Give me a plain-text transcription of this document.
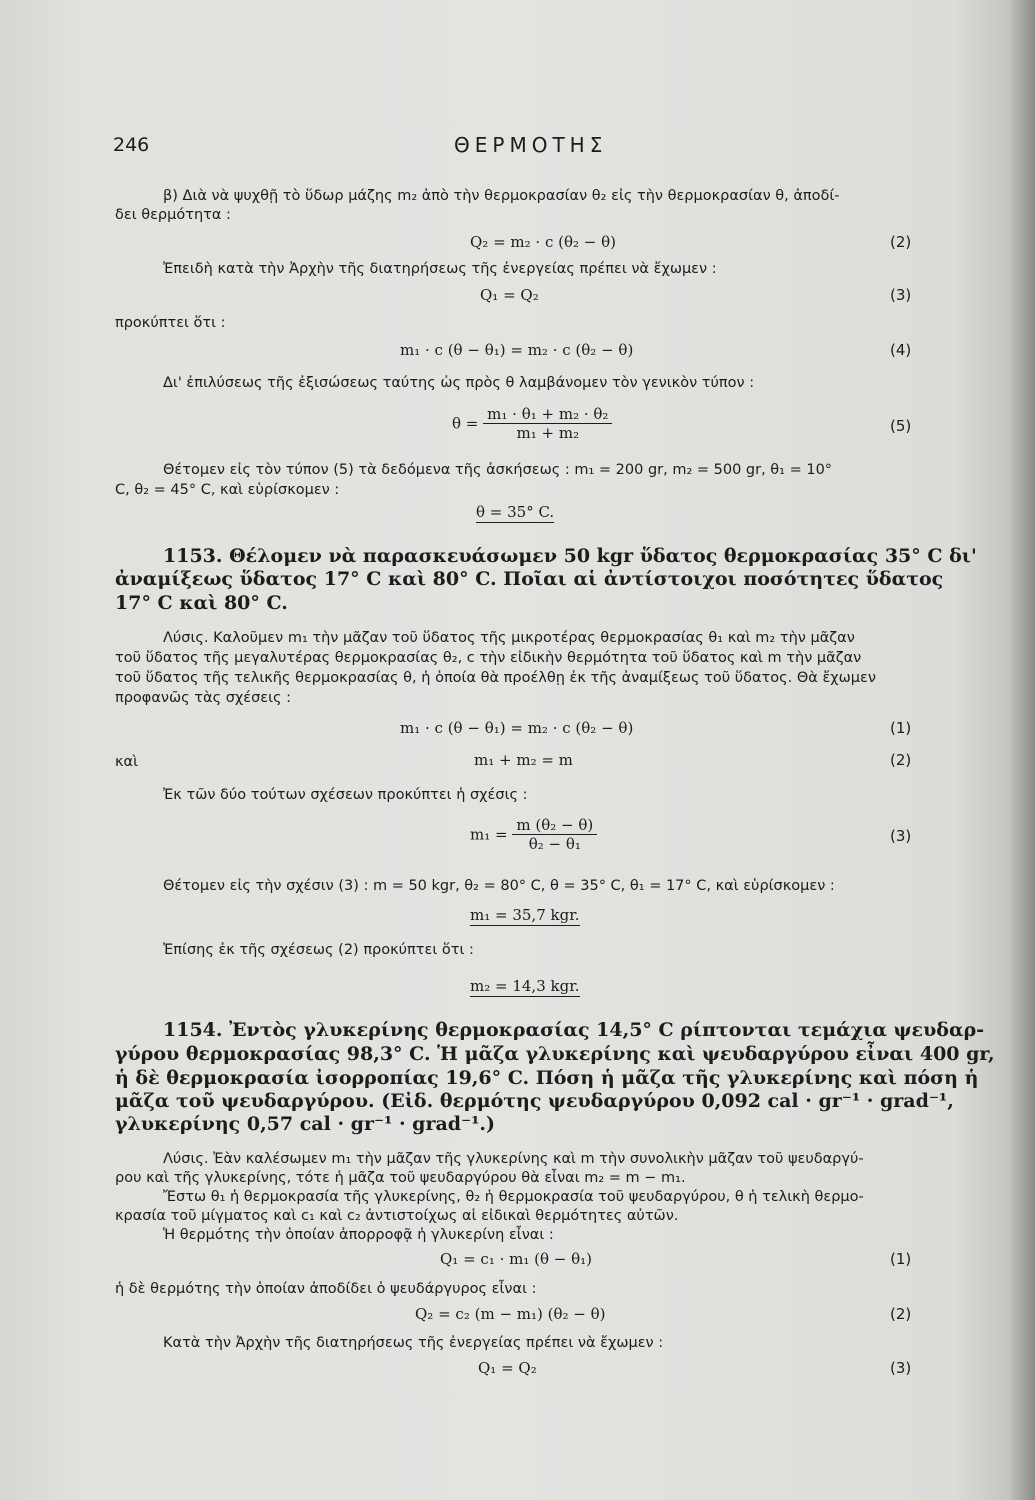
246	ΘΕΡΜΟΤΗΣ
β) Διὰ νὰ ψυχθῇ τὸ ὕδωρ μάζης m₂ ἀπὸ τὴν θερμοκρασίαν θ₂ εἰς τὴν θερμοκρασίαν θ, ἀποδί-
δει θερμότητα :
Q₂ = m₂ · c (θ₂ − θ)	(2)
Ἐπειδὴ κατὰ τὴν Ἀρχὴν τῆς διατηρήσεως τῆς ἐνεργείας πρέπει νὰ ἔχωμεν :
Q₁ = Q₂	(3)
προκύπτει ὅτι :
m₁ · c (θ − θ₁) = m₂ · c (θ₂ − θ)	(4)
Δι' ἐπιλύσεως τῆς ἐξισώσεως ταύτης ὡς πρὸς θ λαμβάνομεν τὸν γενικὸν τύπον :
$\theta = \frac{\text{m₁ · θ₁ + m₂ · θ₂}}{\text{m₁ + m₂}}$	(5)
Θέτομεν εἰς τὸν τύπον (5) τὰ δεδόμενα τῆς ἀσκήσεως : m₁ = 200 gr, m₂ = 500 gr, θ₁ = 10°
C, θ₂ = 45° C, καὶ εὑρίσκομεν :
θ = 35° C.
1153. Θέλομεν νὰ παρασκευάσωμεν 50 kgr ὕδατος θερμοκρασίας 35° C δι'
ἀναμίξεως ὕδατος 17° C καὶ 80° C. Ποῖαι αἱ ἀντίστοιχοι ποσότητες ὕδατος
17° C καὶ 80° C.
Λύσις. Καλοῦμεν m₁ τὴν μᾶζαν τοῦ ὕδατος τῆς μικροτέρας θερμοκρασίας θ₁ καὶ m₂ τὴν μᾶζαν
τοῦ ὕδατος τῆς μεγαλυτέρας θερμοκρασίας θ₂, c τὴν εἰδικὴν θερμότητα τοῦ ὕδατος καὶ m τὴν μᾶζαν
τοῦ ὕδατος τῆς τελικῆς θερμοκρασίας θ, ἡ ὁποία θὰ προέλθῃ ἐκ τῆς ἀναμίξεως τοῦ ὕδατος. Θὰ ἔχωμεν
προφανῶς τὰς σχέσεις :
m₁ · c (θ − θ₁) = m₂ · c (θ₂ − θ)	(1)
καὶ	m₁ + m₂ = m	(2)
Ἐκ τῶν δύο τούτων σχέσεων προκύπτει ἡ σχέσις :
$m_1 = \frac{\text{m (θ₂ − θ)}}{\text{θ₂ − θ₁}}$	(3)
Θέτομεν εἰς τὴν σχέσιν (3) : m = 50 kgr, θ₂ = 80° C, θ = 35° C, θ₁ = 17° C, καὶ εὑρίσκομεν :
m₁ = 35,7 kgr.
Ἐπίσης ἐκ τῆς σχέσεως (2) προκύπτει ὅτι :
m₂ = 14,3 kgr.
1154. Ἐντὸς γλυκερίνης θερμοκρασίας 14,5° C ρίπτονται τεμάχια ψευδαρ-
γύρου θερμοκρασίας 98,3° C. Ἡ μᾶζα γλυκερίνης καὶ ψευδαργύρου εἶναι 400 gr,
ἡ δὲ θερμοκρασία ἰσορροπίας 19,6° C. Πόση ἡ μᾶζα τῆς γλυκερίνης καὶ πόση ἡ
μᾶζα τοῦ ψευδαργύρου. (Εἰδ. θερμότης ψευδαργύρου 0,092 cal · gr⁻¹ · grad⁻¹,
γλυκερίνης 0,57 cal · gr⁻¹ · grad⁻¹.)
Λύσις. Ἐὰν καλέσωμεν m₁ τὴν μᾶζαν τῆς γλυκερίνης καὶ m τὴν συνολικὴν μᾶζαν τοῦ ψευδαργύ-
ρου καὶ τῆς γλυκερίνης, τότε ἡ μᾶζα τοῦ ψευδαργύρου θὰ εἶναι m₂ = m − m₁.
Ἔστω θ₁ ἡ θερμοκρασία τῆς γλυκερίνης, θ₂ ἡ θερμοκρασία τοῦ ψευδαργύρου, θ ἡ τελικὴ θερμο-
κρασία τοῦ μίγματος καὶ c₁ καὶ c₂ ἀντιστοίχως αἱ εἰδικαὶ θερμότητες αὐτῶν.
Ἡ θερμότης τὴν ὁποίαν ἀπορροφᾷ ἡ γλυκερίνη εἶναι :
Q₁ = c₁ · m₁ (θ − θ₁)	(1)
ἡ δὲ θερμότης τὴν ὁποίαν ἀποδίδει ὁ ψευδάργυρος εἶναι :
Q₂ = c₂ (m − m₁) (θ₂ − θ)	(2)
Κατὰ τὴν Ἀρχὴν τῆς διατηρήσεως τῆς ἐνεργείας πρέπει νὰ ἔχωμεν :
Q₁ = Q₂	(3)
